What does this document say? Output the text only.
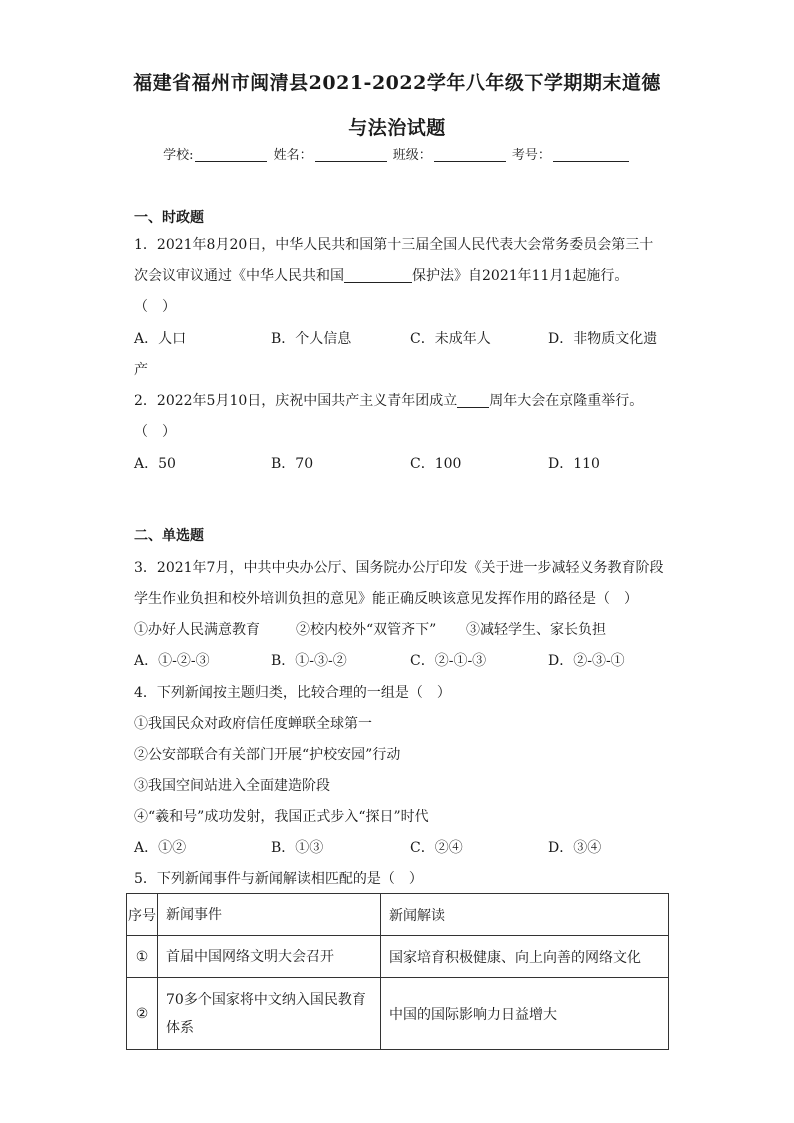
福建省福州市闽清县2021-2022学年八年级下学期期末道德
与法治试题
学校:	姓名：	班级：	考号：
一、时政题
1．2021年8月20日，中华人民共和国第十三届全国人民代表大会常务委员会第三十
次会议审议通过《中华人民共和国	保护法》自2021年11月1起施行。
（　）
A．人口	B．个人信息	C．未成年人	D．非物质文化遗
产
2．2022年5月10日，庆祝中国共产主义青年团成立 周年大会在京隆重举行。
（　）
A．50	B．70	C．100	D．110
二、单选题
3．2021年7月，中共中央办公厅、国务院办公厅印发《关于进一步减轻义务教育阶段
学生作业负担和校外培训负担的意见》能正确反映该意见发挥作用的路径是（　）
①办好人民满意教育	②校内校外“双管齐下” ③减轻学生、家长负担
A．①-②-③	B．①-③-②	C．②-①-③	D．②-③-①
4．下列新闻按主题归类，比较合理的一组是（　）
①我国民众对政府信任度蝉联全球第一
②公安部联合有关部门开展“护校安园”行动
③我国空间站进入全面建造阶段
④“羲和号”成功发射，我国正式步入“探日”时代
A．①②	B．①③	C．②④	D．③④
5．下列新闻事件与新闻解读相匹配的是（　）
序号	新闻事件	新闻解读
①	首届中国网络文明大会召开	国家培育积极健康、向上向善的网络文化
②	70多个国家将中文纳入国民教育体系	中国的国际影响力日益增大
